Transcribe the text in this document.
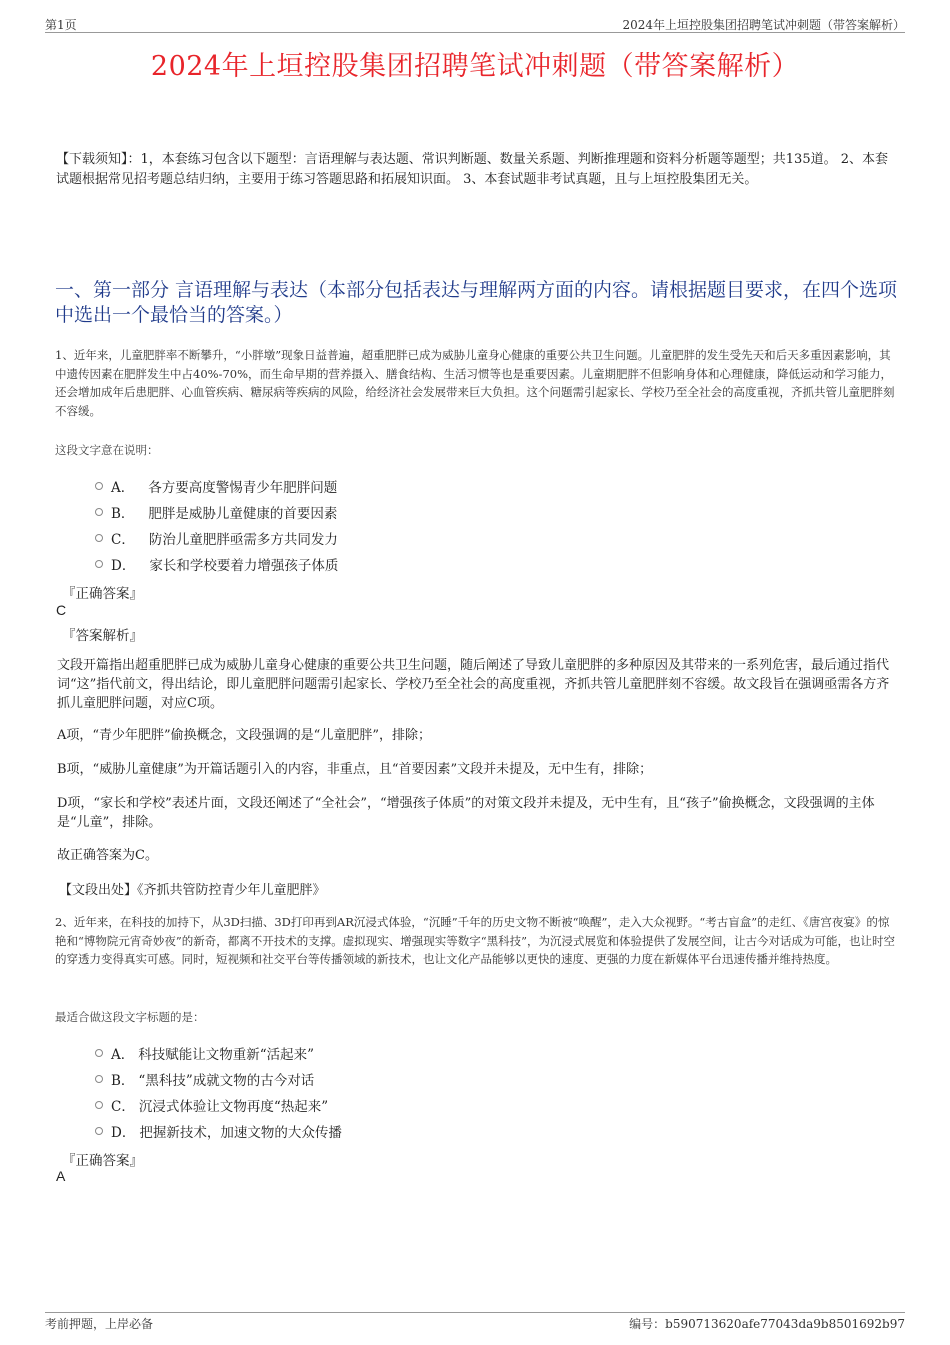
第1页	2024年上垣控股集团招聘笔试冲刺题（带答案解析）
2024年上垣控股集团招聘笔试冲刺题（带答案解析）
【下载须知】：1，本套练习包含以下题型：言语理解与表达题、常识判断题、数量关系题、判断推理题和资料分析题等题型；共135道。 2、本套试题根据常见招考题总结归纳，主要用于练习答题思路和拓展知识面。 3、本套试题非考试真题，且与上垣控股集团无关。
一、第一部分 言语理解与表达（本部分包括表达与理解两方面的内容。请根据题目要求，在四个选项中选出一个最恰当的答案。）
1、近年来，儿童肥胖率不断攀升，“小胖墩”现象日益普遍，超重肥胖已成为威胁儿童身心健康的重要公共卫生问题。儿童肥胖的发生受先天和后天多重因素影响，其中遗传因素在肥胖发生中占40%-70%，而生命早期的营养摄入、膳食结构、生活习惯等也是重要因素。儿童期肥胖不但影响身体和心理健康，降低运动和学习能力，还会增加成年后患肥胖、心血管疾病、糖尿病等疾病的风险，给经济社会发展带来巨大负担。这个问题需引起家长、学校乃至全社会的高度重视，齐抓共管儿童肥胖刻不容缓。
这段文字意在说明：
A． 各方要高度警惕青少年肥胖问题
B． 肥胖是威胁儿童健康的首要因素
C． 防治儿童肥胖亟需多方共同发力
D． 家长和学校要着力增强孩子体质
『正确答案』
C
『答案解析』
文段开篇指出超重肥胖已成为威胁儿童身心健康的重要公共卫生问题，随后阐述了导致儿童肥胖的多种原因及其带来的一系列危害，最后通过指代词“这”指代前文，得出结论，即儿童肥胖问题需引起家长、学校乃至全社会的高度重视，齐抓共管儿童肥胖刻不容缓。故文段旨在强调亟需各方齐抓儿童肥胖问题，对应C项。
A项，“青少年肥胖”偷换概念，文段强调的是“儿童肥胖”，排除；
B项，“威胁儿童健康”为开篇话题引入的内容，非重点，且“首要因素”文段并未提及，无中生有，排除；
D项，“家长和学校”表述片面，文段还阐述了“全社会”，“增强孩子体质”的对策文段并未提及，无中生有，且“孩子”偷换概念，文段强调的主体是“儿童”，排除。
故正确答案为C。
【文段出处】《齐抓共管防控青少年儿童肥胖》
2、近年来，在科技的加持下，从3D扫描、3D打印再到AR沉浸式体验，“沉睡”千年的历史文物不断被“唤醒”，走入大众视野。“考古盲盒”的走红、《唐宫夜宴》的惊艳和“博物院元宵奇妙夜”的新奇，都离不开技术的支撑。虚拟现实、增强现实等数字“黑科技”，为沉浸式展览和体验提供了发展空间，让古今对话成为可能，也让时空的穿透力变得真实可感。同时，短视频和社交平台等传播领域的新技术，也让文化产品能够以更快的速度、更强的力度在新媒体平台迅速传播并维持热度。
最适合做这段文字标题的是：
A． 科技赋能让文物重新“活起来”
B． “黑科技”成就文物的古今对话
C． 沉浸式体验让文物再度“热起来”
D． 把握新技术，加速文物的大众传播
『正确答案』
A
考前押题，上岸必备	编号：b590713620afe77043da9b8501692b97
